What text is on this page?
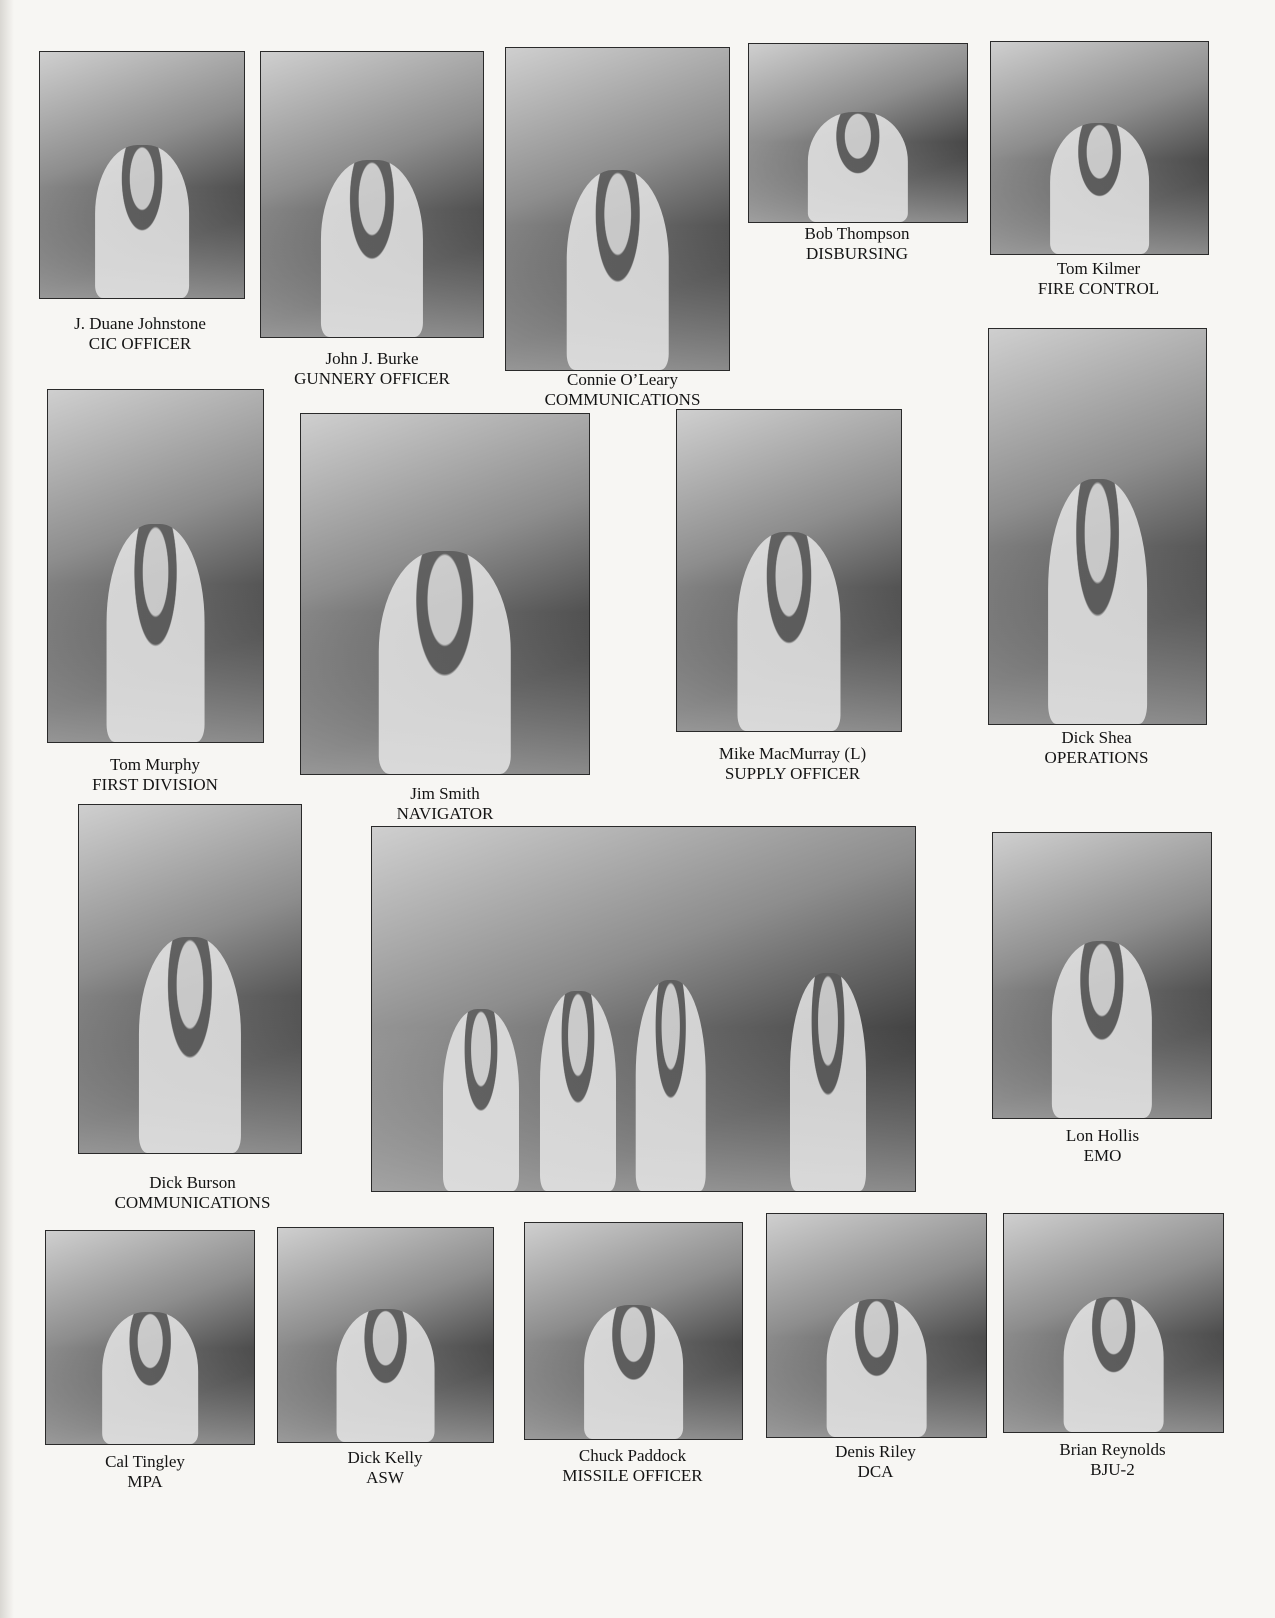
J. Duane Johnstone
CIC OFFICER
John J. Burke
GUNNERY OFFICER	Connie O’Leary
COMMUNICATIONS
Bob Thompson
DISBURSING
Tom Kilmer
FIRE CONTROL
Tom Murphy
FIRST DIVISION	Jim Smith
NAVIGATOR
Mike MacMurray (L)
SUPPLY OFFICER
Dick Shea
OPERATIONS
Dick Burson
COMMUNICATIONS
Lon Hollis
EMO
Cal Tingley
MPA
Dick Kelly
ASW
Chuck Paddock
MISSILE OFFICER
Denis Riley
DCA
Brian Reynolds
BJU-2
